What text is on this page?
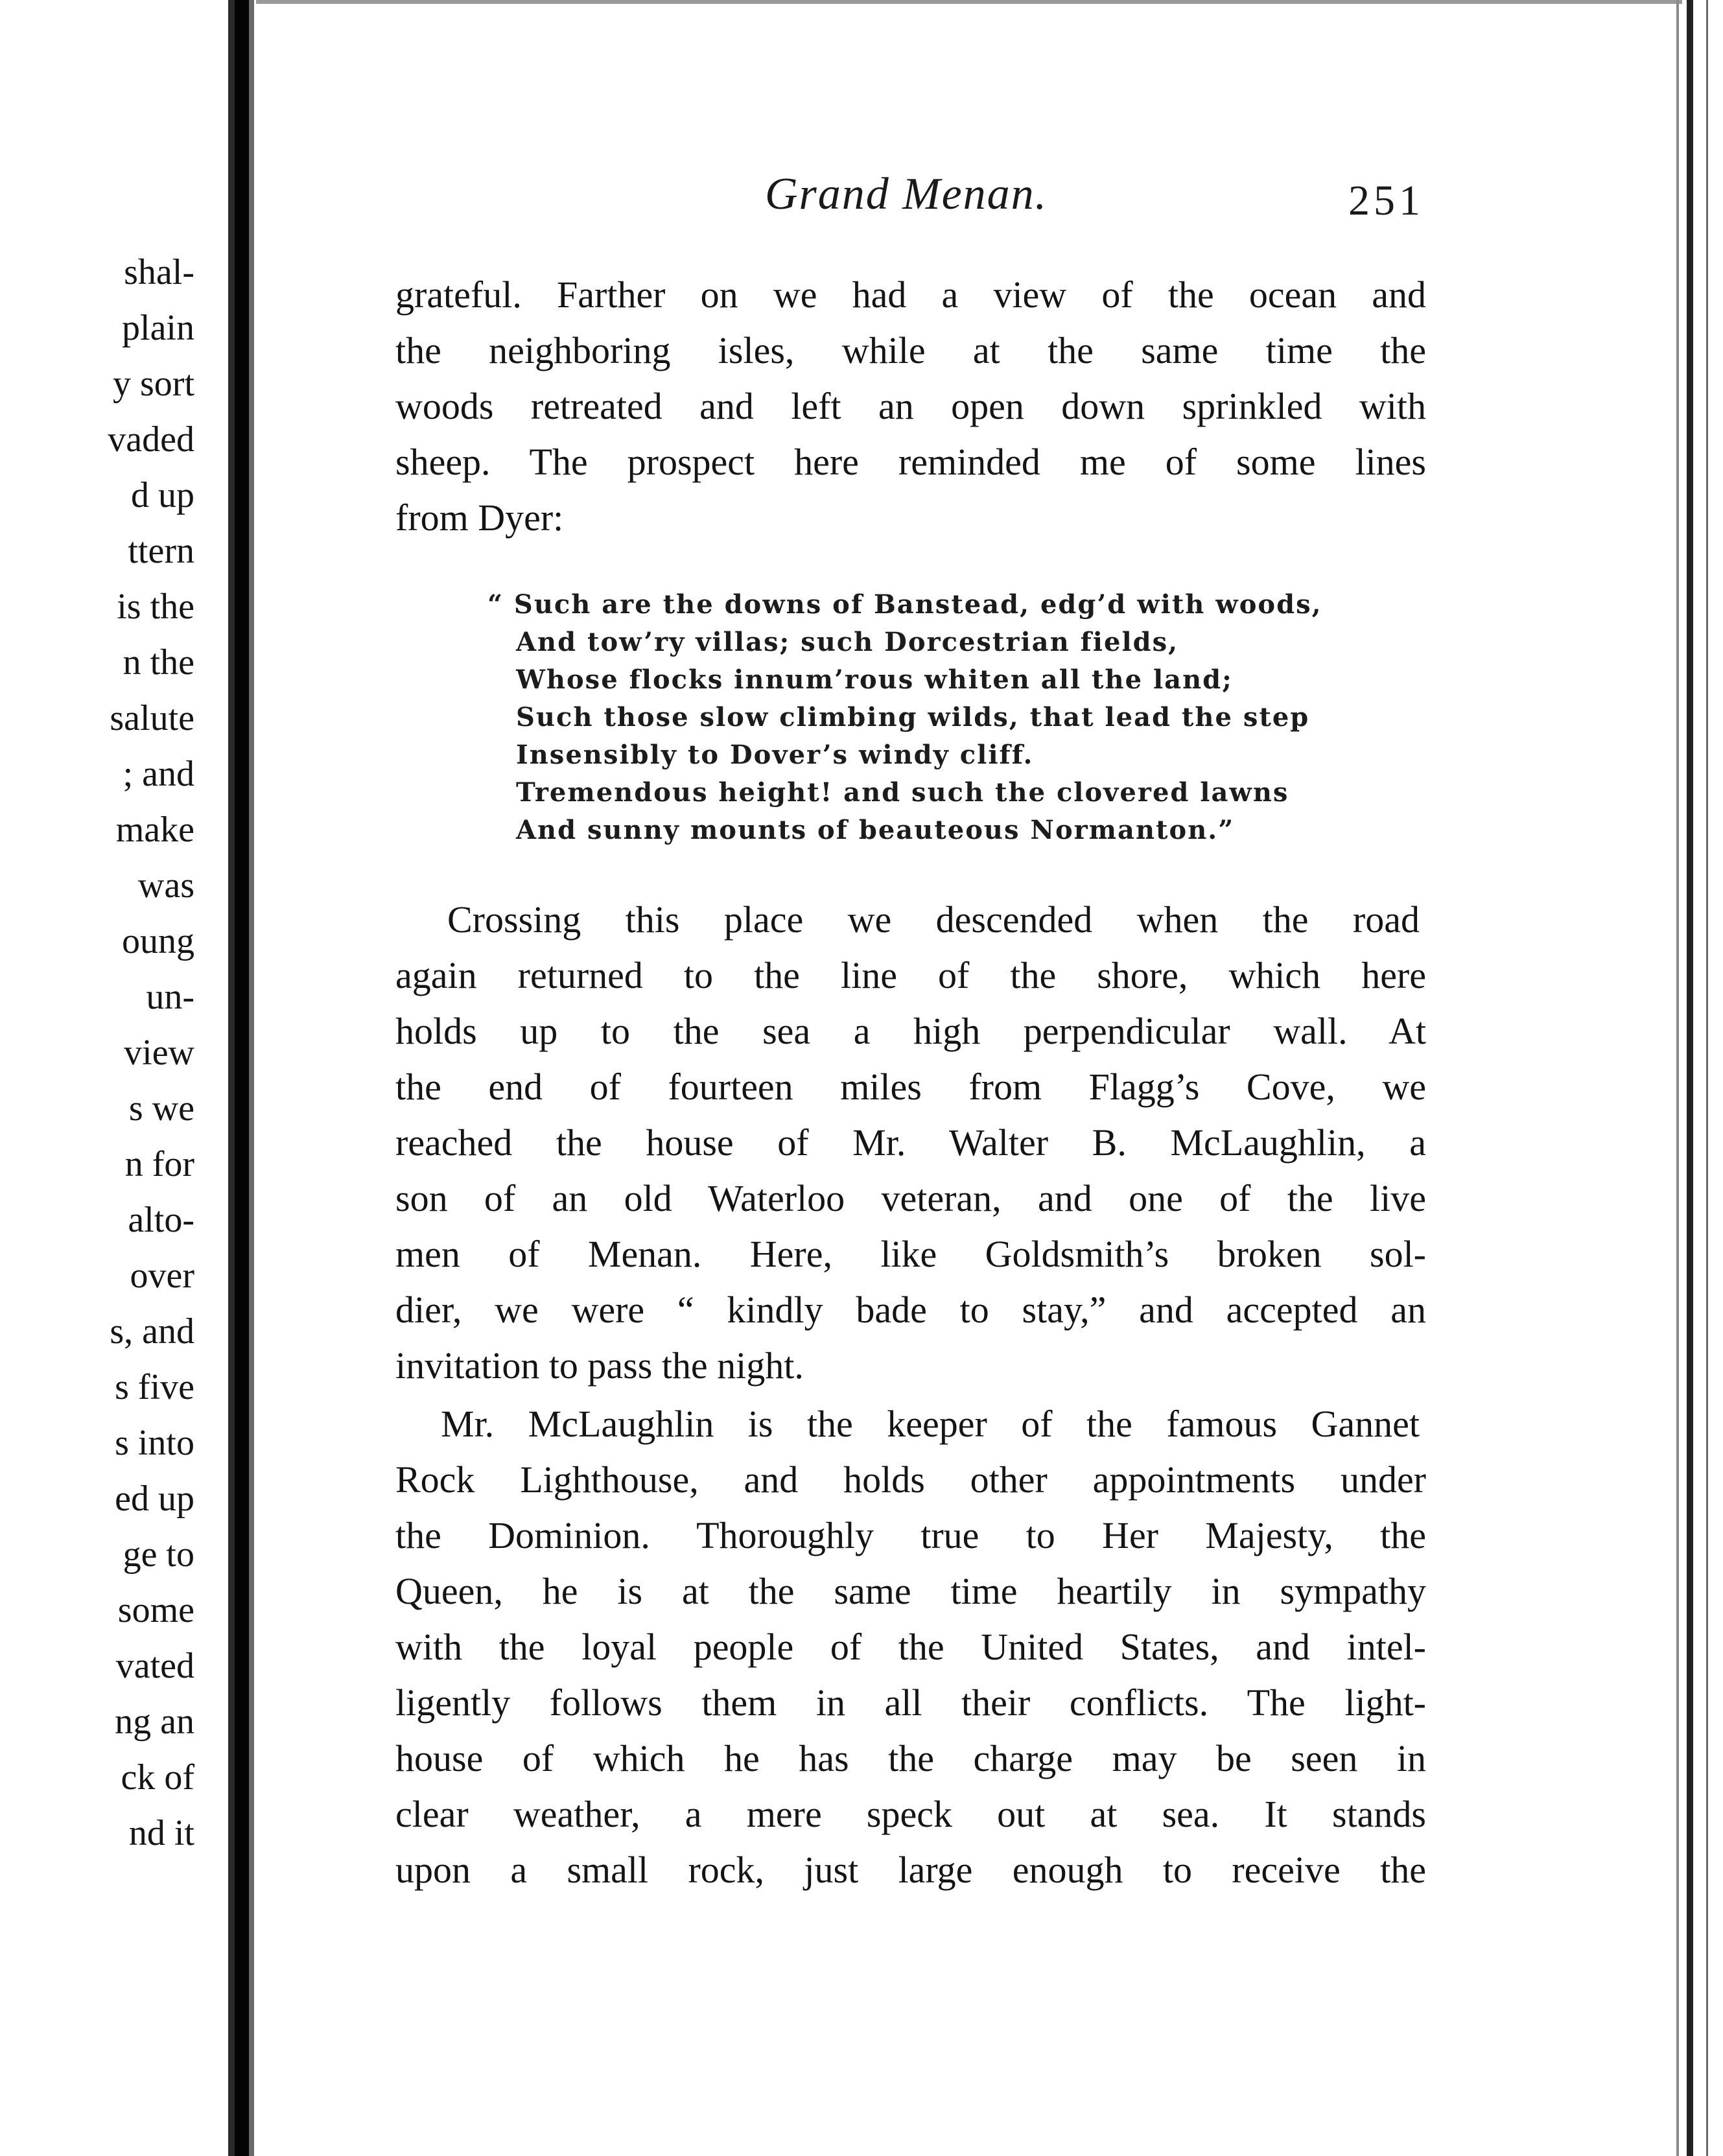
shal-
plain
y sort
vaded
d up
ttern
is the
n the
salute
; and
make
was
oung
un-
view
s we
n for
alto-
over
s, and
s five
s into
ed up
ge to
some
vated
ng an
ck of
nd it
Grand Menan.	251
grateful. Farther on we had a view of the ocean and
the neighboring isles, while at the same time the
woods retreated and left an open down sprinkled with
sheep. The prospect here reminded me of some lines
from Dyer:
“ Such are the downs of Banstead, edg’d with woods,
And tow’ry villas; such Dorcestrian fields,
Whose flocks innum’rous whiten all the land;
Such those slow climbing wilds, that lead the step
Insensibly to Dover’s windy cliff.
Tremendous height! and such the clovered lawns
And sunny mounts of beauteous Normanton.”
Crossing this place we descended when the road
again returned to the line of the shore, which here
holds up to the sea a high perpendicular wall. At
the end of fourteen miles from Flagg’s Cove, we
reached the house of Mr. Walter B. McLaughlin, a
son of an old Waterloo veteran, and one of the live
men of Menan. Here, like Goldsmith’s broken sol-
dier, we were “ kindly bade to stay,” and accepted an
invitation to pass the night.
Mr. McLaughlin is the keeper of the famous Gannet
Rock Lighthouse, and holds other appointments under
the Dominion. Thoroughly true to Her Majesty, the
Queen, he is at the same time heartily in sympathy
with the loyal people of the United States, and intel-
ligently follows them in all their conflicts. The light-
house of which he has the charge may be seen in
clear weather, a mere speck out at sea. It stands
upon a small rock, just large enough to receive the
